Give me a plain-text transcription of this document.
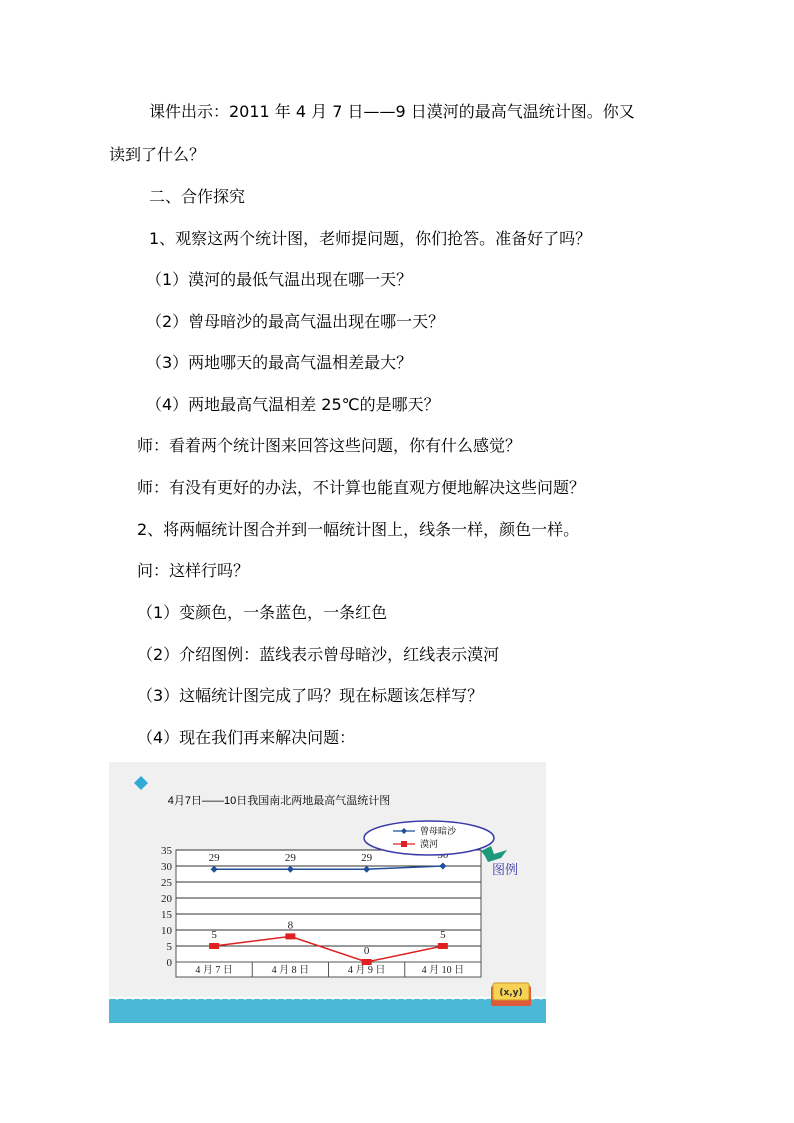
课件出示：2011 年 4 月 7 日——9 日漠河的最高气温统计图。你又
读到了什么？
二、合作探究
1、观察这两个统计图，老师提问题，你们抢答。准备好了吗？
（1）漠河的最低气温出现在哪一天？
（2）曾母暗沙的最高气温出现在哪一天？
（3）两地哪天的最高气温相差最大？
（4）两地最高气温相差 25℃的是哪天？
师：看着两个统计图来回答这些问题，你有什么感觉？
师：有没有更好的办法，不计算也能直观方便地解决这些问题？
2、将两幅统计图合并到一幅统计图上，线条一样，颜色一样。
问：这样行吗？
（1）变颜色，一条蓝色，一条红色
（2）介绍图例：蓝线表示曾母暗沙，红线表示漠河
（3）这幅统计图完成了吗？现在标题该怎样写？
（4）现在我们再来解决问题：
4月7日——10日我国南北两地最高气温统计图
0
5
10
15
20
25
30
35
4 月 7 日	4 月 8 日	4 月 9 日	4 月 10 日
29	29	29
5
8
0
5
曾母暗沙
漠河
图例
(x,y)
